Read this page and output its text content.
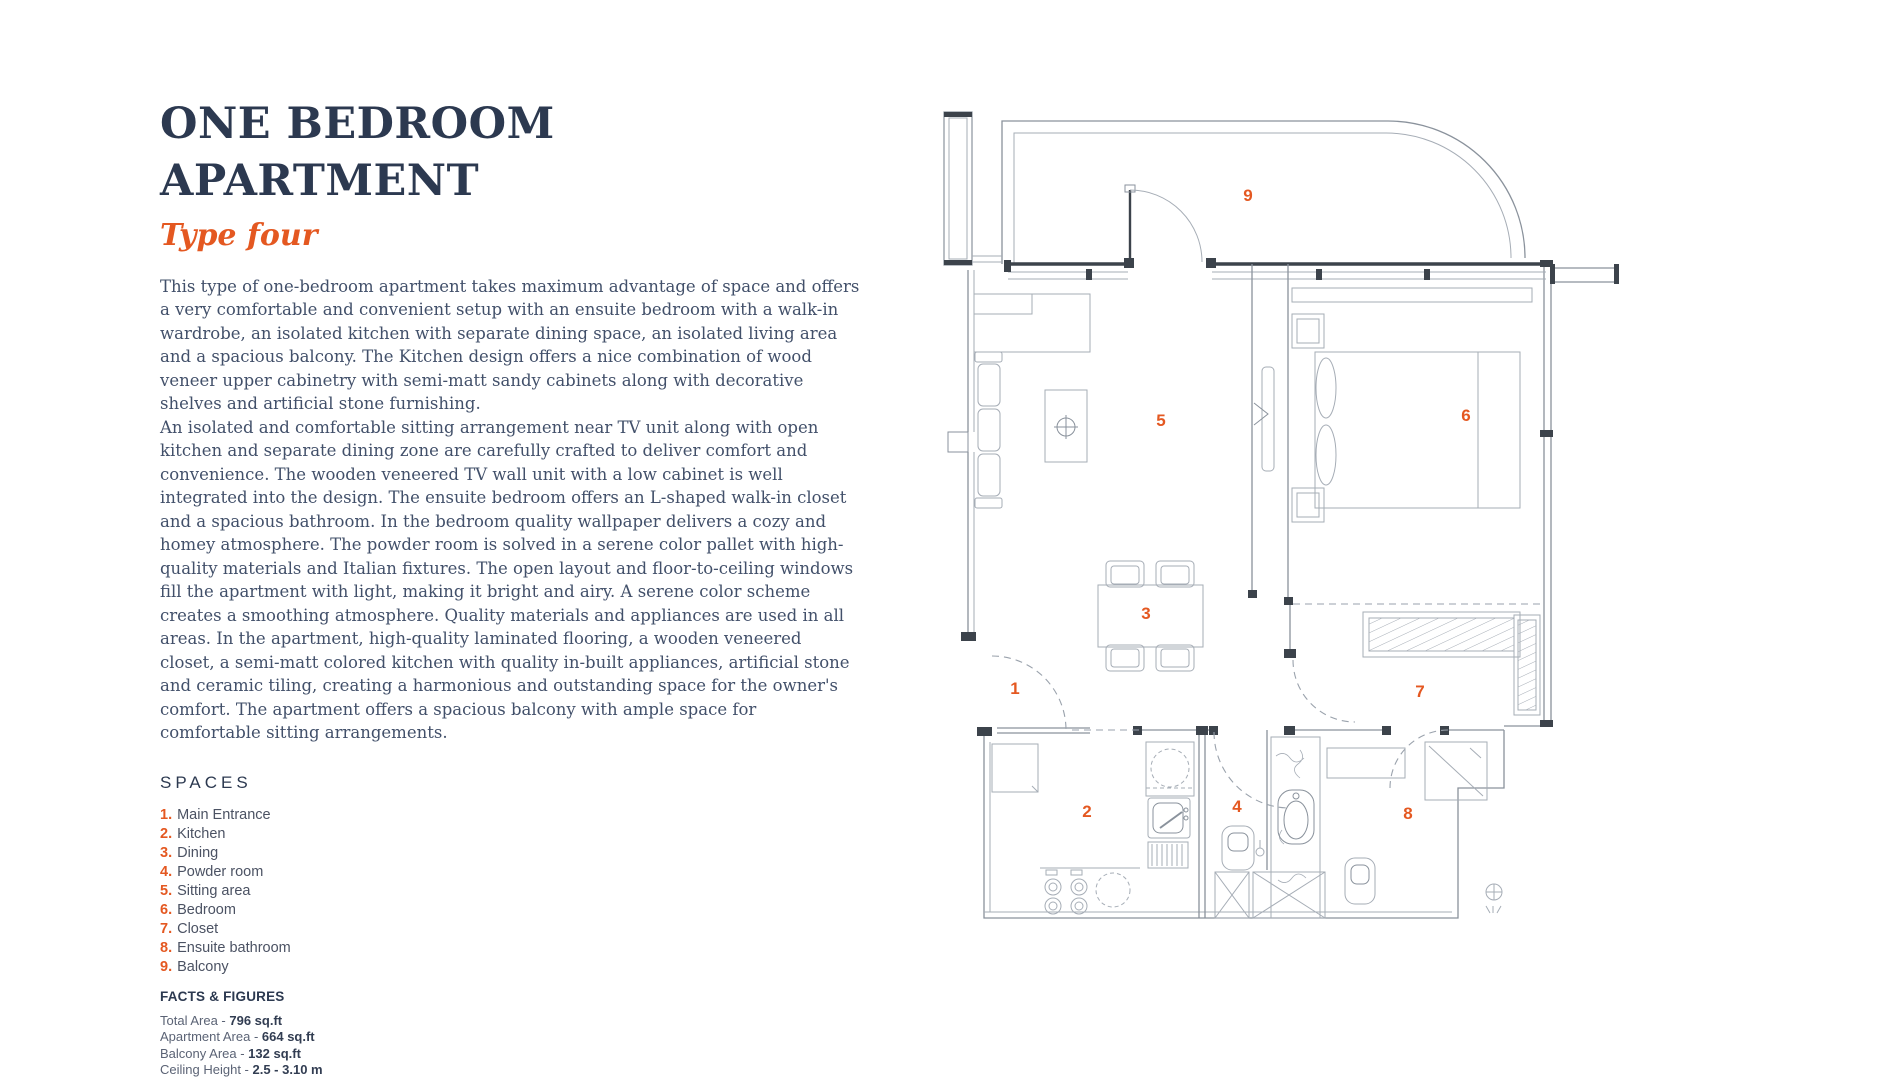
ONE BEDROOM
APARTMENT
Type four

This type of one-bedroom apartment takes maximum advantage of space and offers a very comfortable and convenient setup with an ensuite bedroom with a walk-in wardrobe, an isolated kitchen with separate dining space, an isolated living area and a spacious balcony. The Kitchen design offers a nice combination of wood veneer upper cabinetry with semi-matt sandy cabinets along with decorative shelves and artificial stone furnishing.

An isolated and comfortable sitting arrangement near TV unit along with open kitchen and separate dining zone are carefully crafted to deliver comfort and convenience. The wooden veneered TV wall unit with a low cabinet is well integrated into the design. The ensuite bedroom offers an L-shaped walk-in closet and a spacious bathroom. In the bedroom quality wallpaper delivers a cozy and homey atmosphere. The powder room is solved in a serene color pallet with high-quality materials and Italian fixtures. The open layout and floor-to-ceiling windows fill the apartment with light, making it bright and airy. A serene color scheme creates a smoothing atmosphere. Quality materials and appliances are used in all areas. In the apartment, high-quality laminated flooring, a wooden veneered closet, a semi-matt colored kitchen with quality in-built appliances, artificial stone and ceramic tiling, creating a harmonious and outstanding space for the owner's comfort. The apartment offers a spacious balcony with ample space for comfortable sitting arrangements.

SPACES
1. Main Entrance
2. Kitchen
3. Dining
4. Powder room
5. Sitting area
6. Bedroom
7. Closet
8. Ensuite bathroom
9. Balcony
FACTS & FIGURES
Total Area - 796 sq.ft
Apartment Area - 664 sq.ft
Balcony Area - 132 sq.ft
Ceiling Height - 2.5 - 3.10 m
1
2
3
4
5	6
7
8
9
